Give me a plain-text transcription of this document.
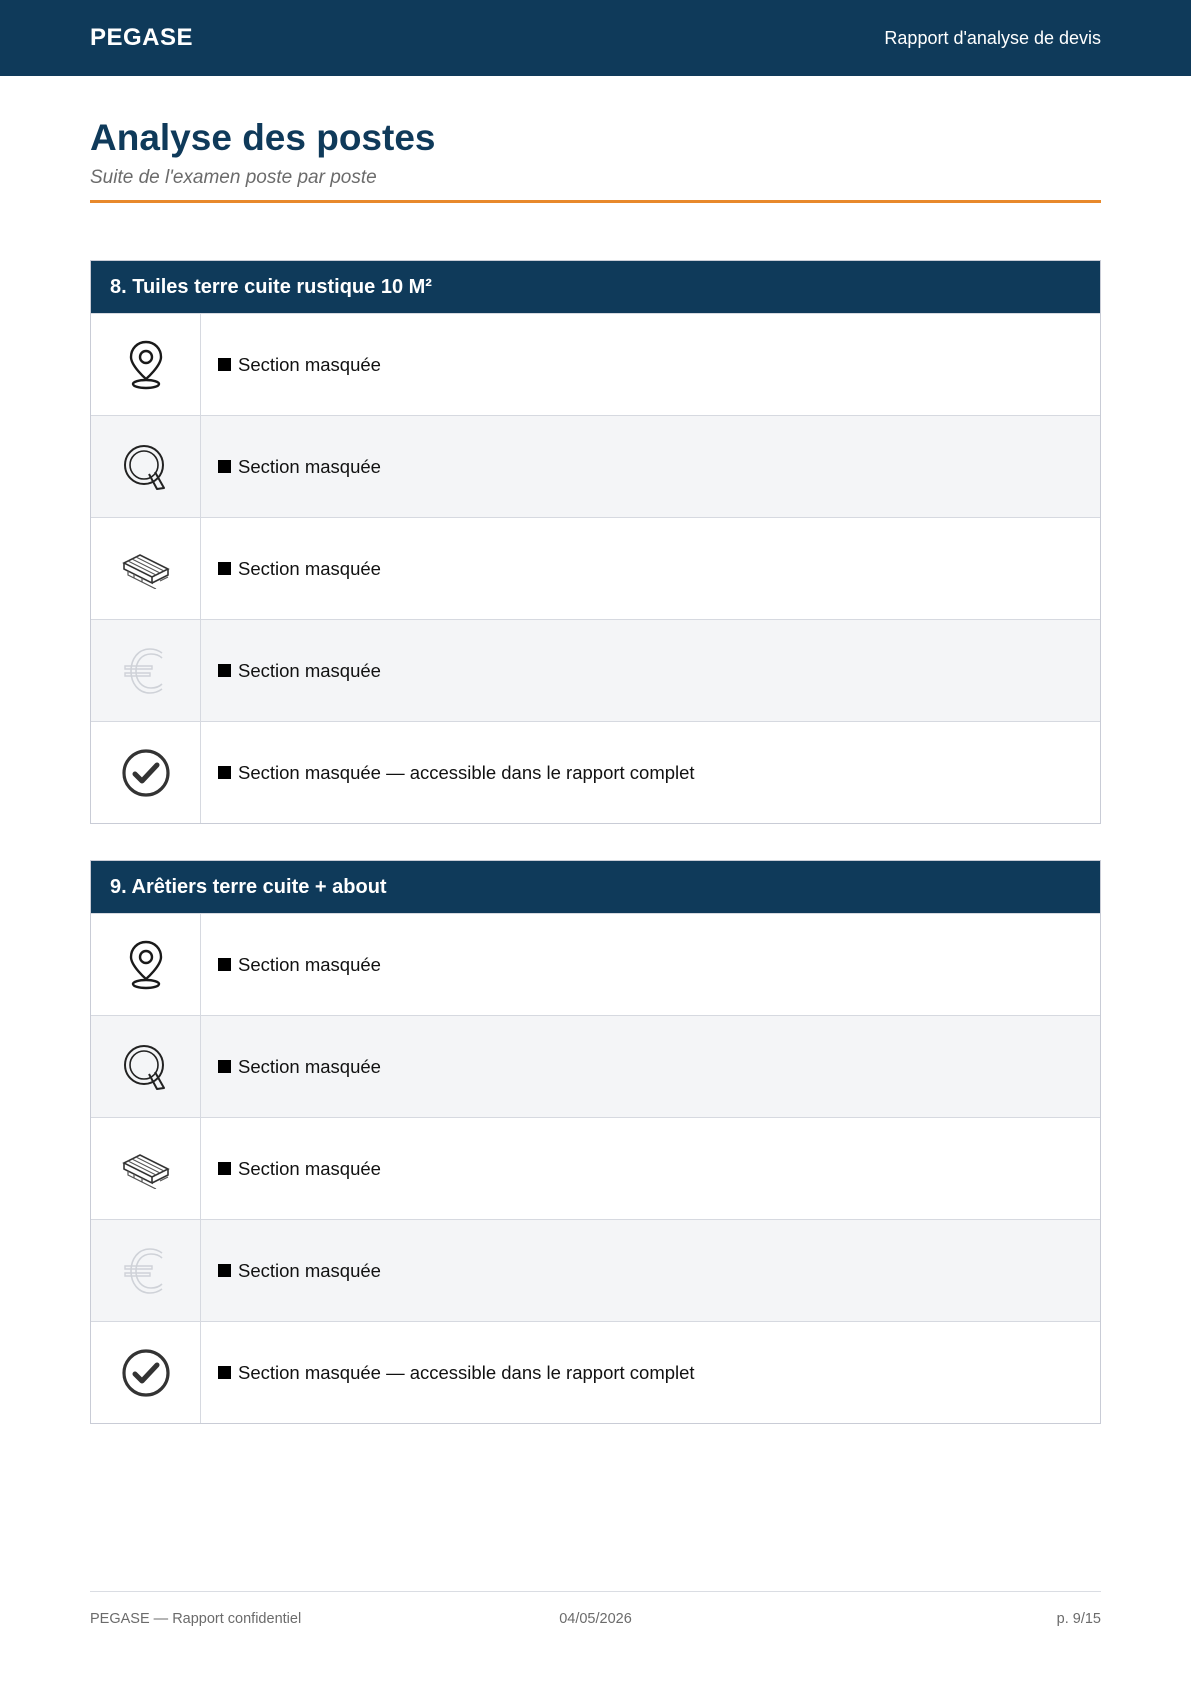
PEGASE	Rapport d'analyse de devis
Analyse des postes
Suite de l'examen poste par poste
8. Tuiles terre cuite rustique 10 M²
Section masquée
Section masquée
Section masquée
Section masquée
Section masquée — accessible dans le rapport complet
9. Arêtiers terre cuite + about
Section masquée
Section masquée
Section masquée
Section masquée
Section masquée — accessible dans le rapport complet
PEGASE — Rapport confidentiel	04/05/2026	p. 9/15
